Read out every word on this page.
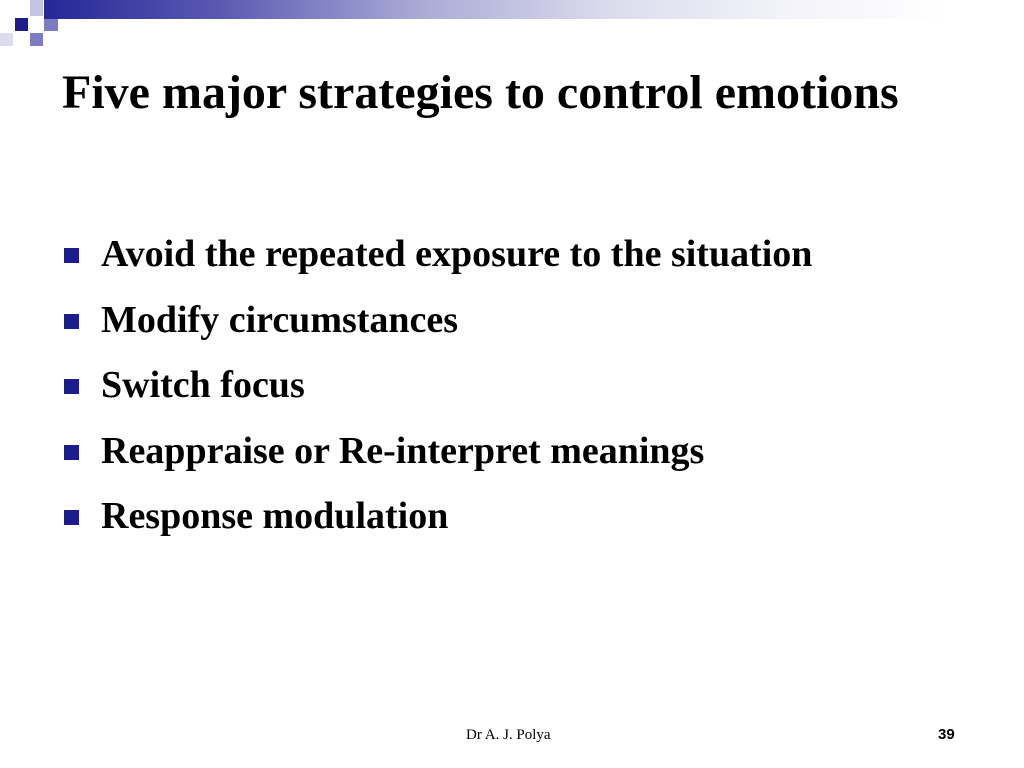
Five major strategies to control emotions
Avoid the repeated exposure to the situation
Modify circumstances
Switch focus
Reappraise or Re-interpret meanings
Response modulation
Dr A. J. Polya	39
